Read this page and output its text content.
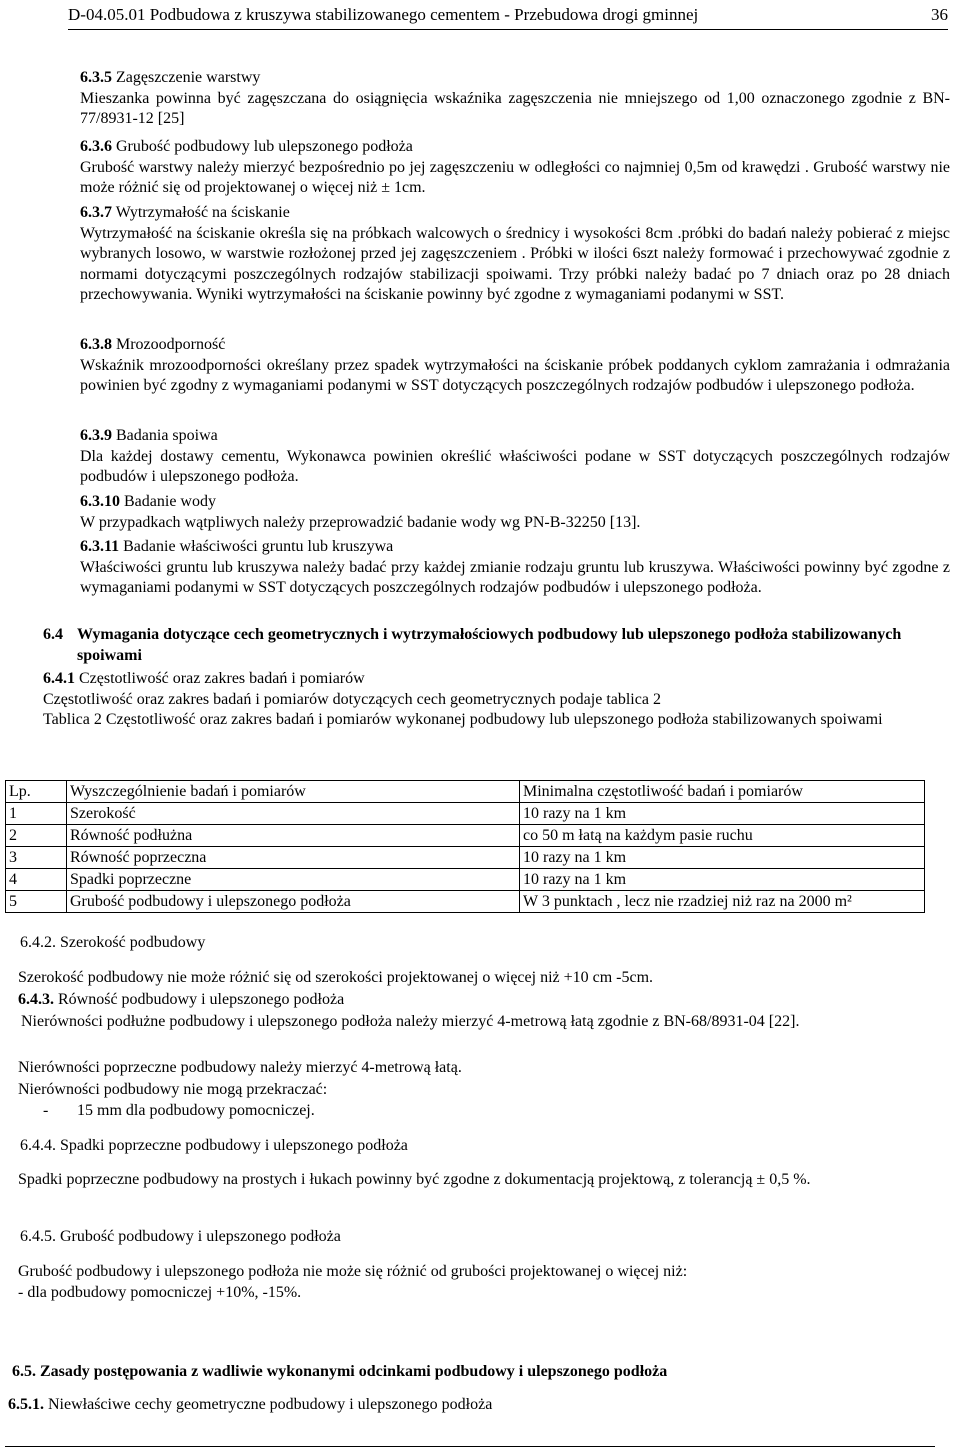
D-04.05.01 Podbudowa z kruszywa stabilizowanego cementem - Przebudowa drogi gminnej	36
6.3.5 Zagęszczenie warstwy
Mieszanka powinna być zagęszczana do osiągnięcia wskaźnika zagęszczenia nie mniejszego od 1,00 oznaczonego zgodnie z BN-77/8931-12 [25]
6.3.6 Grubość podbudowy lub ulepszonego podłoża
Grubość warstwy należy mierzyć bezpośrednio po jej zagęszczeniu w odległości co najmniej 0,5m od krawędzi . Grubość warstwy nie może różnić się od projektowanej o więcej niż ± 1cm.
6.3.7 Wytrzymałość na ściskanie
Wytrzymałość na ściskanie określa się na próbkach walcowych o średnicy i wysokości 8cm .próbki do badań należy pobierać z miejsc wybranych losowo, w warstwie rozłożonej przed jej zagęszczeniem . Próbki w ilości 6szt należy formować i przechowywać zgodnie z normami dotyczącymi poszczególnych rodzajów stabilizacji spoiwami. Trzy próbki należy badać po 7 dniach oraz po 28 dniach przechowywania. Wyniki wytrzymałości na ściskanie powinny być zgodne z wymaganiami podanymi w SST.
6.3.8 Mrozoodporność
Wskaźnik mrozoodporności określany przez spadek wytrzymałości na ściskanie próbek poddanych cyklom zamrażania i odmrażania powinien być zgodny z wymaganiami podanymi w SST dotyczących poszczególnych rodzajów podbudów i ulepszonego podłoża.
6.3.9 Badania spoiwa
Dla każdej dostawy cementu, Wykonawca powinien określić właściwości podane w SST dotyczących poszczególnych rodzajów podbudów i ulepszonego podłoża.
6.3.10 Badanie wody
W przypadkach wątpliwych należy przeprowadzić badanie wody wg PN-B-32250 [13].
6.3.11 Badanie właściwości gruntu lub kruszywa
Właściwości gruntu lub kruszywa należy badać przy każdej zmianie rodzaju gruntu lub kruszywa. Właściwości powinny być zgodne z wymaganiami podanymi w SST dotyczących poszczególnych rodzajów podbudów i ulepszonego podłoża.
6.4 Wymagania dotyczące cech geometrycznych i wytrzymałościowych podbudowy lub ulepszonego podłoża stabilizowanych spoiwami
6.4.1 Częstotliwość oraz zakres badań i pomiarów
Częstotliwość oraz zakres badań i pomiarów dotyczących cech geometrycznych podaje tablica 2
Tablica 2 Częstotliwość oraz zakres badań i pomiarów wykonanej podbudowy lub ulepszonego podłoża stabilizowanych spoiwami
Lp.	Wyszczególnienie badań i pomiarów	Minimalna częstotliwość badań i pomiarów
1	Szerokość	10 razy na 1 km
2	Równość podłużna	co 50 m łatą na każdym pasie ruchu
3	Równość poprzeczna	10 razy na 1 km
4	Spadki poprzeczne	10 razy na 1 km
5	Grubość podbudowy i ulepszonego podłoża	W 3 punktach , lecz nie rzadziej niż raz na 2000 m²
6.4.2. Szerokość podbudowy
Szerokość podbudowy nie może różnić się od szerokości projektowanej o więcej niż +10 cm -5cm.
6.4.3. Równość podbudowy i ulepszonego podłoża
Nierówności podłużne podbudowy i ulepszonego podłoża należy mierzyć 4-metrową łatą zgodnie z BN-68/8931-04 [22].
Nierówności poprzeczne podbudowy należy mierzyć 4-metrową łatą.
Nierówności podbudowy nie mogą przekraczać:
- 15 mm dla podbudowy pomocniczej.
6.4.4. Spadki poprzeczne podbudowy i ulepszonego podłoża
Spadki poprzeczne podbudowy na prostych i łukach powinny być zgodne z dokumentacją projektową, z tolerancją ± 0,5 %.
6.4.5. Grubość podbudowy i ulepszonego podłoża
Grubość podbudowy i ulepszonego podłoża nie może się różnić od grubości projektowanej o więcej niż:
- dla podbudowy pomocniczej +10%, -15%.
6.5. Zasady postępowania z wadliwie wykonanymi odcinkami podbudowy i ulepszonego podłoża
6.5.1. Niewłaściwe cechy geometryczne podbudowy i ulepszonego podłoża
